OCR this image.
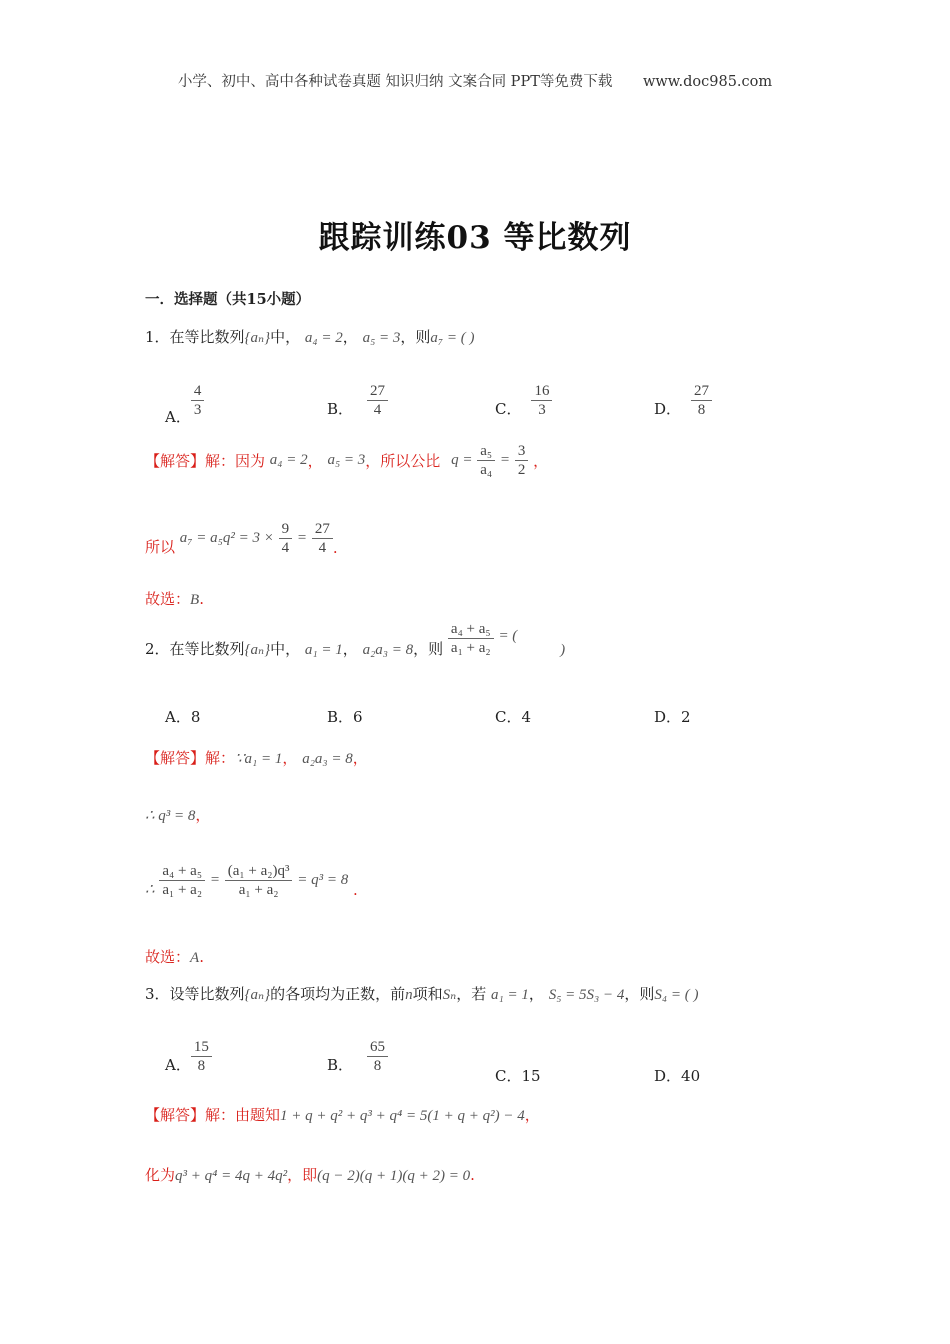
小学、初中、高中各种试卷真题 知识归纳 文案合同 PPT等免费下载 www.doc985.com
跟踪训练03 等比数列
一．选择题（共15小题）
1．在等比数列{aₙ}中， a₄ = 2， a₅ = 3，则a₇ = ( )
A． $\frac{4}{3}$	B． $\frac{27}{4}$	C． $\frac{16}{3}$	D． $\frac{27}{8}$
【解答】解：因为 a₄ = 2， a₅ = 3，所以公比 $q = \frac{\text{a₅}}{\text{a₄}} = \frac{3}{2}$ ，
所以 $a_7 = a_5q^2 = 3 \times \frac{9}{4} = \frac{27}{4}$ .
故选：B.
2．在等比数列{aₙ}中， a₁ = 1， a₂a₃ = 8，则 $\frac{\text{a₄ + a₅}}{\text{a₁ + a₂}}$ = ( )
A．8	B．6	C．4	D．2
【解答】解：∵a₁ = 1， a₂a₃ = 8，
∴ q³ = 8，
∴ $\frac{\text{a₄ + a₅}}{\text{a₁ + a₂}} = \frac{\text{(a₁ + a₂)q³}}{\text{a₁ + a₂}} = q^3 = 8$ .
故选：A.
3．设等比数列{aₙ}的各项均为正数，前n项和Sₙ，若 a₁ = 1， S₅ = 5S₃ − 4，则S₄ = ( )
A． $\frac{15}{8}$	B． $\frac{65}{8}$
C．15	D．40
【解答】解：由题知1 + q + q² + q³ + q⁴ = 5(1 + q + q²) − 4，
化为q³ + q⁴ = 4q + 4q²，即(q − 2)(q + 1)(q + 2) = 0.
